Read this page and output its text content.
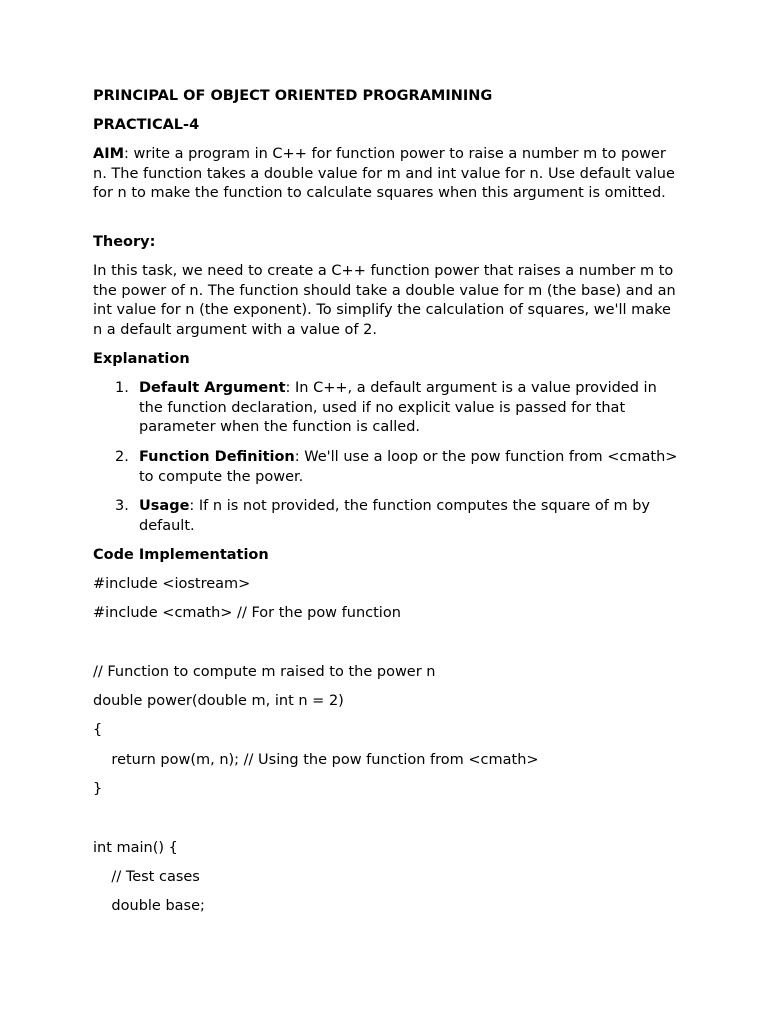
PRINCIPAL OF OBJECT ORIENTED PROGRAMINING

PRACTICAL-4

AIM: write a program in C++ for function power to raise a number m to power n. The function takes a double value for m and int value for n. Use default value for n to make the function to calculate squares when this argument is omitted.

Theory:

In this task, we need to create a C++ function power that raises a number m to the power of n. The function should take a double value for m (the base) and an int value for n (the exponent). To simplify the calculation of squares, we'll make n a default argument with a value of 2.

Explanation

1. Default Argument: In C++, a default argument is a value provided in the function declaration, used if no explicit value is passed for that parameter when the function is called.
2. Function Definition: We'll use a loop or the pow function from <cmath> to compute the power.
3. Usage: If n is not provided, the function computes the square of m by default.

Code Implementation

#include <iostream>

#include <cmath> // For the pow function

// Function to compute m raised to the power n

double power(double m, int n = 2)

{

return pow(m, n); // Using the pow function from <cmath>

}

int main() {

// Test cases

double base;
